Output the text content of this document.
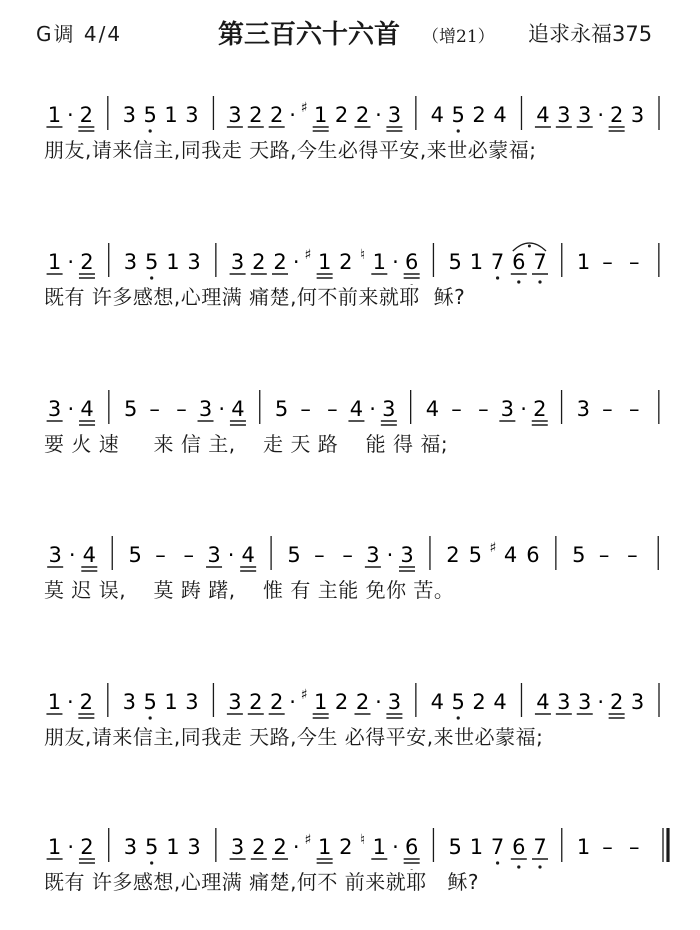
G调 4/4	第三百六十六首 （增21） 追求永福375
1 · 2 3 5 1 3 3 2 2 · ♯ 1 2 2 · 3 4 5 2 4 4 3 3 · 2 3
朋友,请来信主,同我走 天路,今生必得平安,来世必蒙福;
1 · 2 3 5 1 3 3 2 2 · ♯ 1 2 ♮ 1 · 6 5 1 7 6 7 1 – –
既有 许多感想,心理满 痛楚,何不前来就耶  稣?
3 · 4 5 – – 3 · 4 5 – – 4 · 3 4 – – 3 · 2 3 – –
要 火 速     来 信 主,    走 天 路    能 得 福;
3 · 4 5 – – 3 · 4 5 – – 3 · 3 2 5 ♯ 4 6 5 – –
莫 迟 误,    莫 踌 躇,    惟 有 主能 免你 苦。
1 · 2 3 5 1 3 3 2 2 · ♯ 1 2 2 · 3 4 5 2 4 4 3 3 · 2 3
朋友,请来信主,同我走 天路,今生 必得平安,来世必蒙福;
1 · 2 3 5 1 3 3 2 2 · ♯ 1 2 ♮ 1 · 6 5 1 7 6 7 1 – –
既有 许多感想,心理满 痛楚,何不 前来就耶   稣?
